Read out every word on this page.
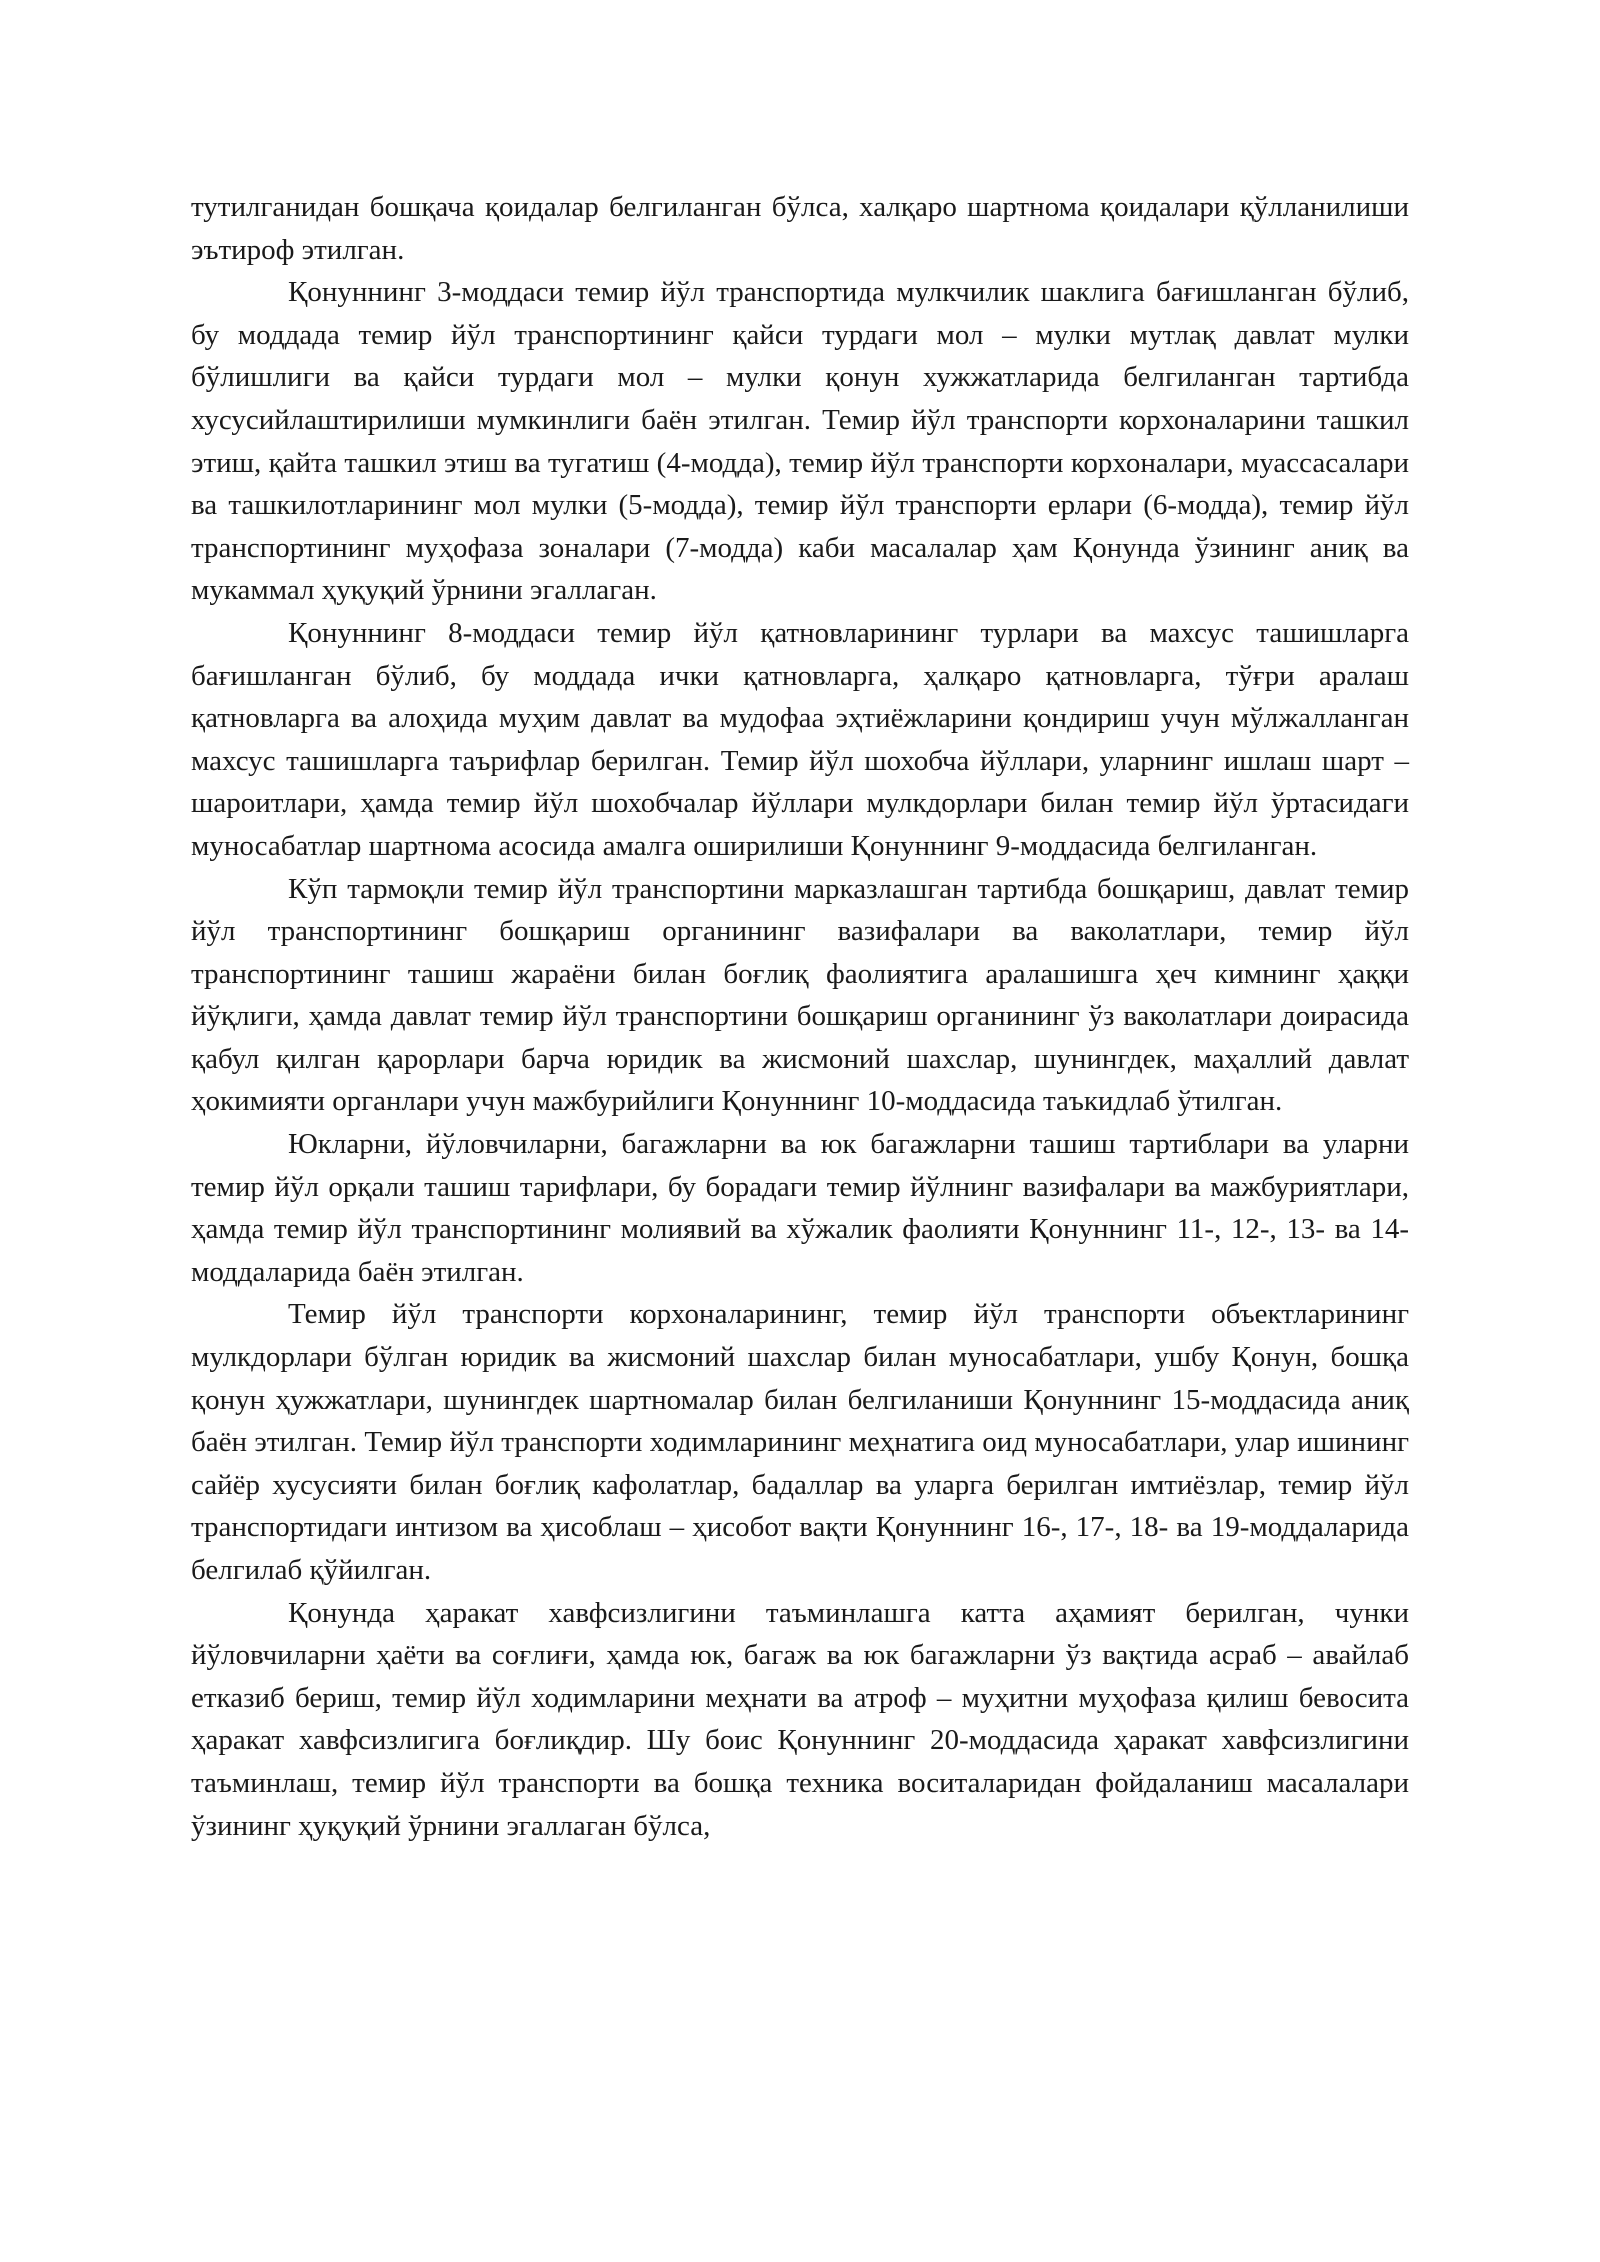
тутилганидан бошқача қоидалар белгиланган бўлса, халқаро шартнома қоидалари қўлланилиши эътироф этилган.

Қонуннинг 3-моддаси темир йўл транспортида мулкчилик шаклига бағишланган бўлиб, бу моддада темир йўл транспортининг қайси турдаги мол – мулки мутлақ давлат мулки бўлишлиги ва қайси турдаги мол – мулки қонун хужжатларида белгиланган тартибда хусусийлаштирилиши мумкинлиги баён этилган. Темир йўл транспорти корхоналарини ташкил этиш, қайта ташкил этиш ва тугатиш (4-модда), темир йўл транспорти корхоналари, муассасалари ва ташкилотларининг мол мулки (5-модда), темир йўл транспорти ерлари (6-модда), темир йўл транспортининг муҳофаза зоналари (7-модда) каби масалалар ҳам Қонунда ўзининг аниқ ва мукаммал ҳуқуқий ўрнини эгаллаган.

Қонуннинг 8-моддаси темир йўл қатновларининг турлари ва махсус ташишларга бағишланган бўлиб, бу моддада ички қатновларга, ҳалқаро қатновларга, тўғри аралаш қатновларга ва алоҳида муҳим давлат ва мудофаа эҳтиёжларини қондириш учун мўлжалланган махсус ташишларга таърифлар берилган. Темир йўл шохобча йўллари, уларнинг ишлаш шарт – шароитлари, ҳамда темир йўл шохобчалар йўллари мулкдорлари билан темир йўл ўртасидаги муносабатлар шартнома асосида амалга оширилиши Қонуннинг 9-моддасида белгиланган.

Кўп тармоқли темир йўл транспортини марказлашган тартибда бошқариш, давлат темир йўл транспортининг бошқариш органининг вазифалари ва ваколатлари, темир йўл транспортининг ташиш жараёни билан боғлиқ фаолиятига аралашишга ҳеч кимнинг ҳаққи йўқлиги, ҳамда давлат темир йўл транспортини бошқариш органининг ўз ваколатлари доирасида қабул қилган қарорлари барча юридик ва жисмоний шахслар, шунингдек, маҳаллий давлат ҳокимияти органлари учун мажбурийлиги Қонуннинг 10-моддасида таъкидлаб ўтилган.

Юкларни, йўловчиларни, багажларни ва юк багажларни ташиш тартиблари ва уларни темир йўл орқали ташиш тарифлари, бу борадаги темир йўлнинг вазифалари ва мажбуриятлари, ҳамда темир йўл транспортининг молиявий ва хўжалик фаолияти Қонуннинг 11-, 12-, 13- ва 14-моддаларида баён этилган.

Темир йўл транспорти корхоналарининг, темир йўл транспорти объектларининг мулкдорлари бўлган юридик ва жисмоний шахслар билан муносабатлари, ушбу Қонун, бошқа қонун ҳужжатлари, шунингдек шартномалар билан белгиланиши Қонуннинг 15-моддасида аниқ баён этилган. Темир йўл транспорти ходимларининг меҳнатига оид муносабатлари, улар ишининг сайёр хусусияти билан боғлиқ кафолатлар, бадаллар ва уларга берилган имтиёзлар, темир йўл транспортидаги интизом ва ҳисоблаш – ҳисобот вақти Қонуннинг 16-, 17-, 18- ва 19-моддаларида белгилаб қўйилган.

Қонунда ҳаракат хавфсизлигини таъминлашга катта аҳамият берилган, чунки йўловчиларни ҳаёти ва соғлиғи, ҳамда юк, багаж ва юк багажларни ўз вақтида асраб – авайлаб етказиб бериш, темир йўл ходимларини меҳнати ва атроф – муҳитни муҳофаза қилиш бевосита ҳаракат хавфсизлигига боғлиқдир. Шу боис Қонуннинг 20-моддасида ҳаракат хавфсизлигини таъминлаш, темир йўл транспорти ва бошқа техника воситаларидан фойдаланиш масалалари ўзининг ҳуқуқий ўрнини эгаллаган бўлса,
